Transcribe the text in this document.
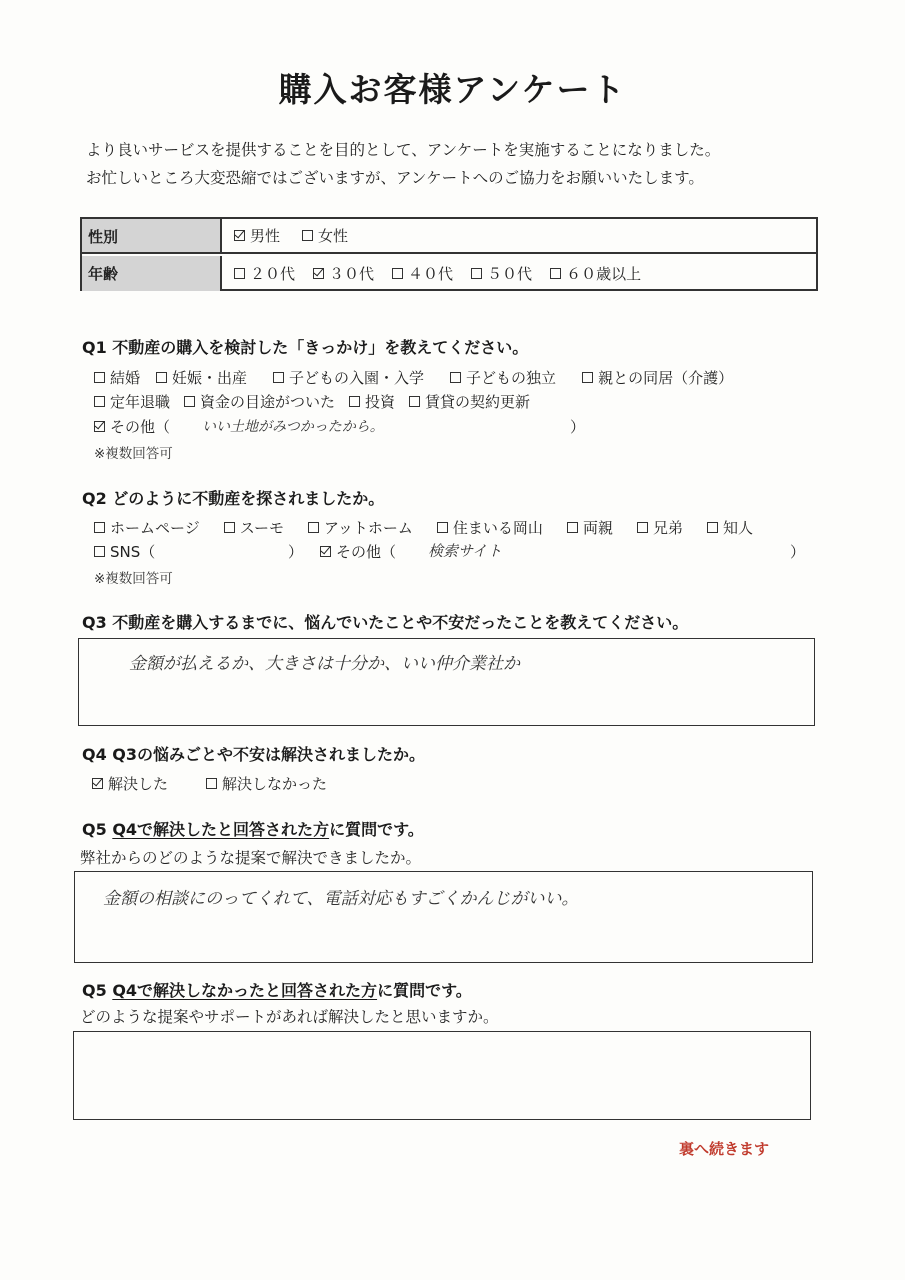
購入お客様アンケート
より良いサービスを提供することを目的として、アンケートを実施することになりました。
お忙しいところ大変恐縮ではございますが、アンケートへのご協力をお願いいたします。
性別	男性	女性
年齢	２０代 ３０代 ４０代 ５０代 ６０歳以上
Q1 不動産の購入を検討した「きっかけ」を教えてください。
結婚 妊娠・出産	子どもの入園・入学	子どもの独立	親との同居（介護）
定年退職 資金の目途がついた 投資 賃貸の契約更新
その他（ いい土地がみつかったから。	）
※複数回答可
Q2 どのように不動産を探されましたか。
ホームページ	スーモ	アットホーム	住まいる岡山	両親	兄弟	知人
SNS（	） その他（ 検索サイト	）
※複数回答可
Q3 不動産を購入するまでに、悩んでいたことや不安だったことを教えてください。
金額が払えるか、大きさは十分か、いい仲介業社か
Q4 Q3の悩みごとや不安は解決されましたか。
解決した	解決しなかった
Q5 Q4で解決したと回答された方に質問です。
弊社からのどのような提案で解決できましたか。
金額の相談にのってくれて、電話対応もすごくかんじがいい。
Q5 Q4で解決しなかったと回答された方に質問です。
どのような提案やサポートがあれば解決したと思いますか。
裏へ続きます
